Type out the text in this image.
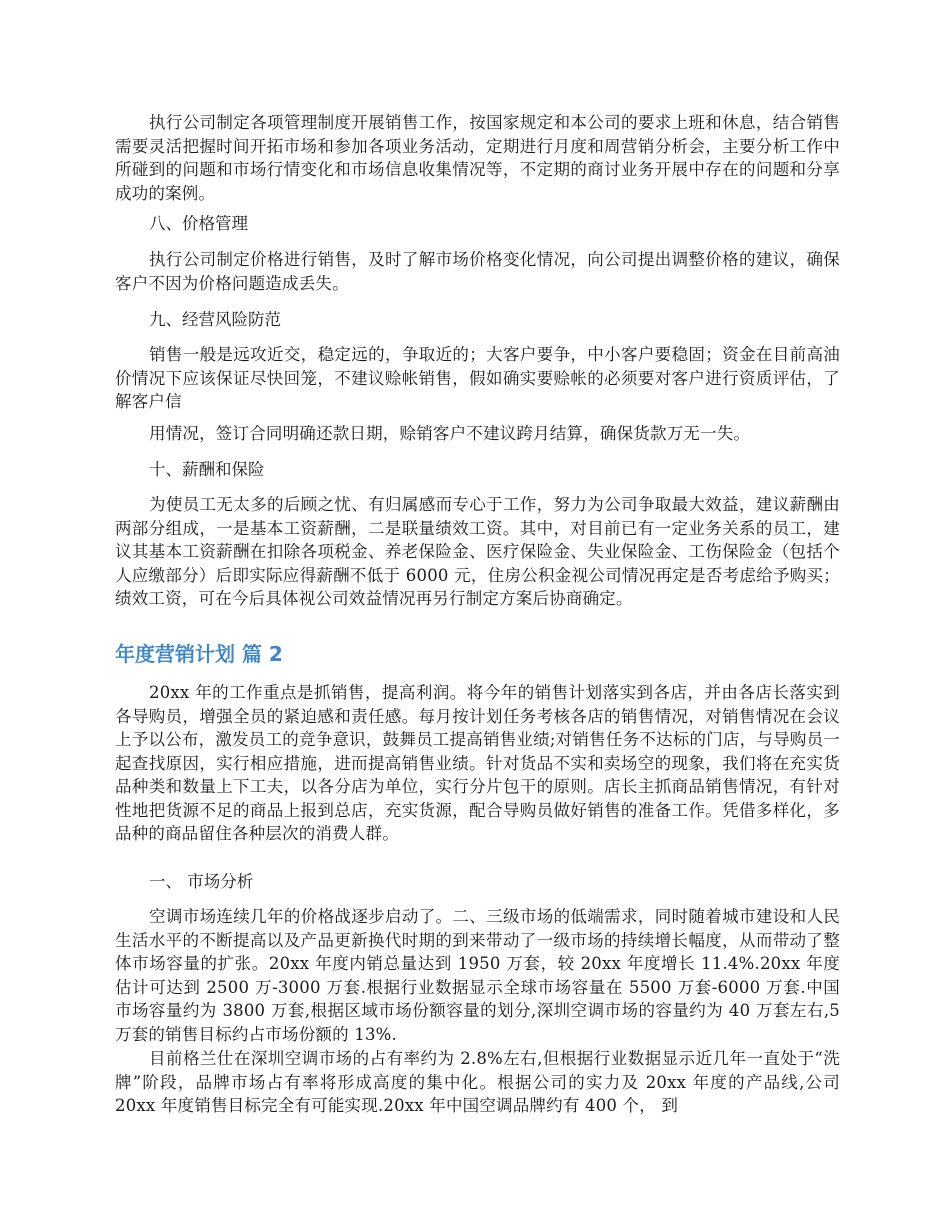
执行公司制定各项管理制度开展销售工作，按国家规定和本公司的要求上班和休息，结合销售需要灵活把握时间开拓市场和参加各项业务活动，定期进行月度和周营销分析会，主要分析工作中所碰到的问题和市场行情变化和市场信息收集情况等，不定期的商讨业务开展中存在的问题和分享成功的案例。

八、价格管理

执行公司制定价格进行销售，及时了解市场价格变化情况，向公司提出调整价格的建议，确保客户不因为价格问题造成丢失。

九、经营风险防范

销售一般是远攻近交，稳定远的，争取近的；大客户要争，中小客户要稳固；资金在目前高油价情况下应该保证尽快回笼，不建议赊帐销售，假如确实要赊帐的必须要对客户进行资质评估，了解客户信

用情况，签订合同明确还款日期，赊销客户不建议跨月结算，确保货款万无一失。

十、薪酬和保险

为使员工无太多的后顾之忧、有归属感而专心于工作，努力为公司争取最大效益，建议薪酬由两部分组成，一是基本工资薪酬，二是联量绩效工资。其中，对目前已有一定业务关系的员工，建议其基本工资薪酬在扣除各项税金、养老保险金、医疗保险金、失业保险金、工伤保险金（包括个人应缴部分）后即实际应得薪酬不低于 6000 元，住房公积金视公司情况再定是否考虑给予购买；绩效工资，可在今后具体视公司效益情况再另行制定方案后协商确定。

年度营销计划 篇 2

20xx 年的工作重点是抓销售，提高利润。将今年的销售计划落实到各店，并由各店长落实到各导购员，增强全员的紧迫感和责任感。每月按计划任务考核各店的销售情况，对销售情况在会议上予以公布，激发员工的竞争意识，鼓舞员工提高销售业绩;对销售任务不达标的门店，与导购员一起查找原因，实行相应措施，进而提高销售业绩。针对货品不实和卖场空的现象，我们将在充实货品种类和数量上下工夫，以各分店为单位，实行分片包干的原则。店长主抓商品销售情况，有针对性地把货源不足的商品上报到总店，充实货源，配合导购员做好销售的准备工作。凭借多样化，多品种的商品留住各种层次的消费人群。

一、 市场分析

空调市场连续几年的价格战逐步启动了。二、三级市场的低端需求，同时随着城市建设和人民生活水平的不断提高以及产品更新换代时期的到来带动了一级市场的持续增长幅度，从而带动了整体市场容量的扩张。20xx 年度内销总量达到 1950 万套，较 20xx 年度增长 11.4%.20xx 年度估计可达到 2500 万-3000 万套.根据行业数据显示全球市场容量在 5500 万套-6000 万套.中国市场容量约为 3800 万套,根据区域市场份额容量的划分,深圳空调市场的容量约为 40 万套左右,5 万套的销售目标约占市场份额的 13%.

目前格兰仕在深圳空调市场的占有率约为 2.8%左右,但根据行业数据显示近几年一直处于“洗牌”阶段，品牌市场占有率将形成高度的集中化。根据公司的实力及 20xx 年度的产品线,公司 20xx 年度销售目标完全有可能实现.20xx 年中国空调品牌约有 400 个， 到
